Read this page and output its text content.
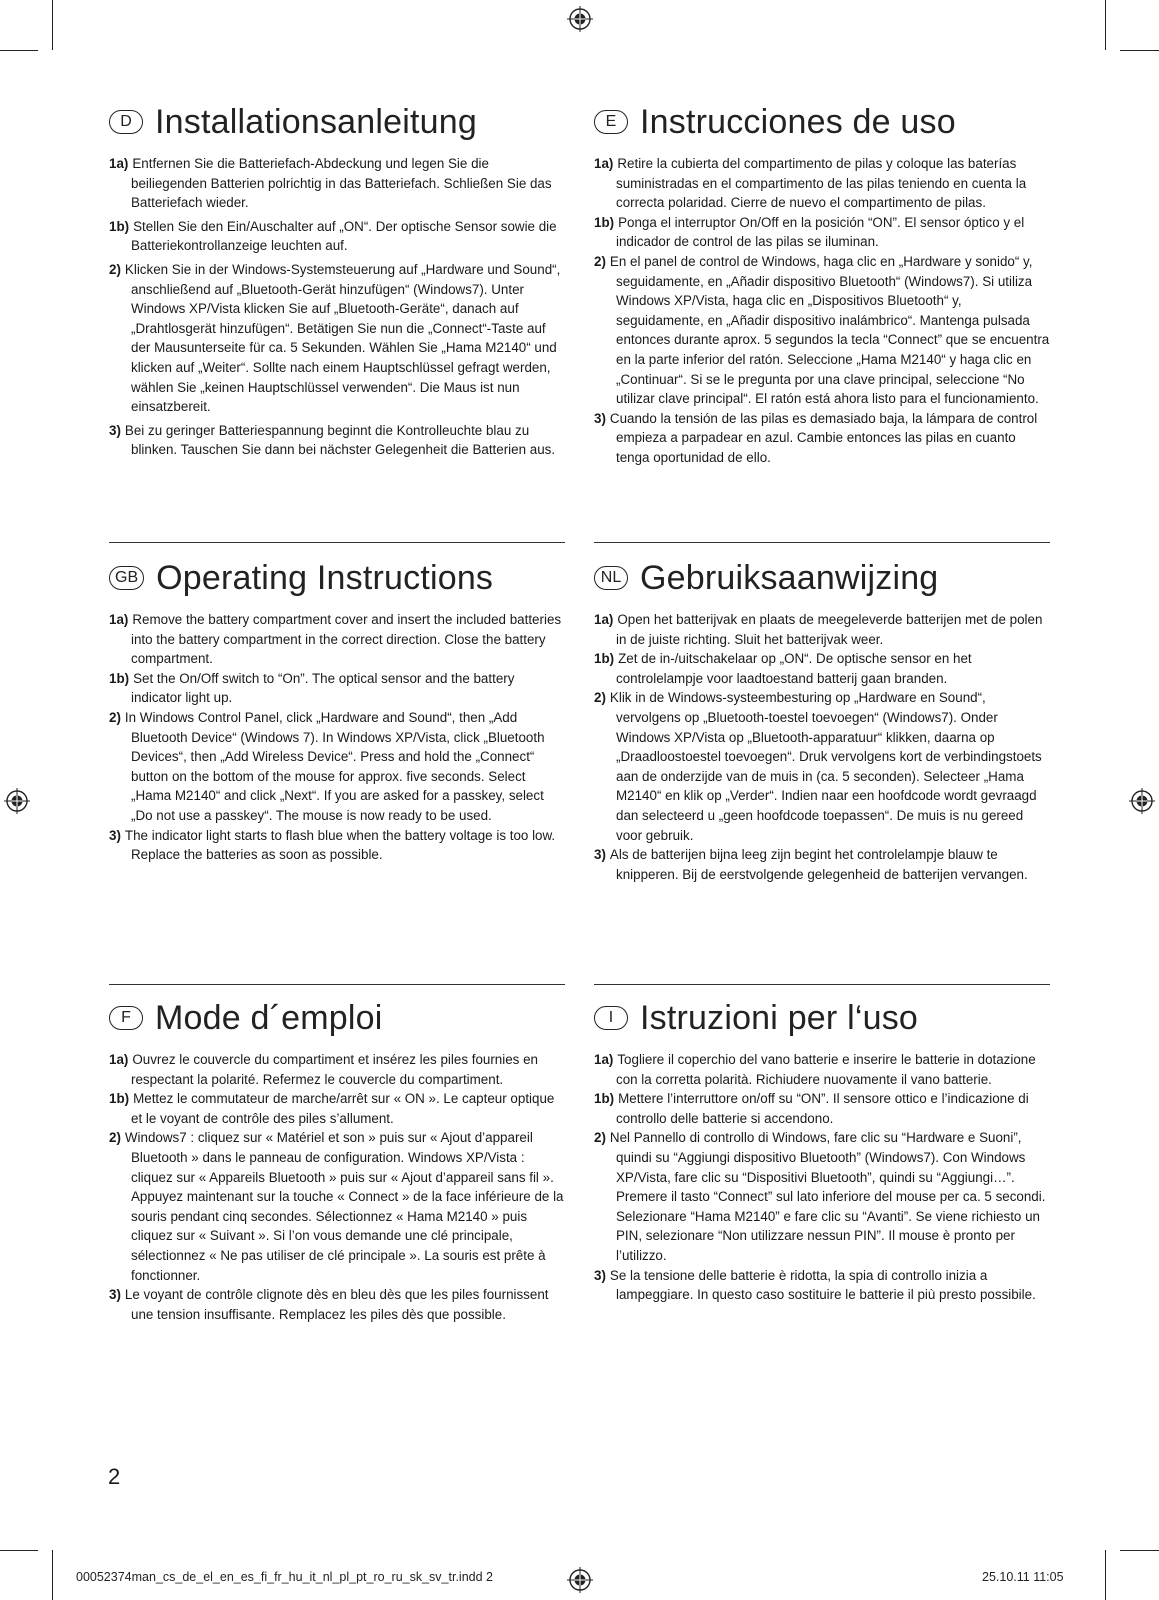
D Installationsanleitung

1a) Entfernen Sie die Batteriefach-Abdeckung und legen Sie die beiliegenden Batterien polrichtig in das Batteriefach. Schließen Sie das Batteriefach wieder.

1b) Stellen Sie den Ein/Auschalter auf „ON“. Der optische Sensor sowie die Batteriekontrollanzeige leuchten auf.

2) Klicken Sie in der Windows-Systemsteuerung auf „Hardware und Sound“, anschließend auf „Bluetooth-Gerät hinzufügen“ (Windows7). Unter Windows XP/Vista klicken Sie auf „Bluetooth-Geräte“, danach auf „Drahtlosgerät hinzufügen“. Betätigen Sie nun die „Connect“-Taste auf der Mausunterseite für ca. 5 Sekunden. Wählen Sie „Hama M2140“ und klicken auf „Weiter“. Sollte nach einem Hauptschlüssel gefragt werden, wählen Sie „keinen Hauptschlüssel verwenden“. Die Maus ist nun einsatzbereit.

3) Bei zu geringer Batteriespannung beginnt die Kontrolleuchte blau zu blinken. Tauschen Sie dann bei nächster Gelegenheit die Batterien aus.

E Instrucciones de uso

1a) Retire la cubierta del compartimento de pilas y coloque las baterías suministradas en el compartimento de las pilas teniendo en cuenta la correcta polaridad. Cierre de nuevo el compartimento de pilas.

1b) Ponga el interruptor On/Off en la posición “ON”. El sensor óptico y el indicador de control de las pilas se iluminan.

2) En el panel de control de Windows, haga clic en „Hardware y sonido“ y, seguidamente, en „Añadir dispositivo Bluetooth“ (Windows7). Si utiliza Windows XP/Vista, haga clic en „Dispositivos Bluetooth“ y, seguidamente, en „Añadir dispositivo inalámbrico“. Mantenga pulsada entonces durante aprox. 5 segundos la tecla “Connect” que se encuentra en la parte inferior del ratón. Seleccione „Hama M2140“ y haga clic en „Continuar“. Si se le pregunta por una clave principal, seleccione “No utilizar clave principal“. El ratón está ahora listo para el funcionamiento.

3) Cuando la tensión de las pilas es demasiado baja, la lámpara de control empieza a parpadear en azul. Cambie entonces las pilas en cuanto tenga oportunidad de ello.

GB Operating Instructions

1a) Remove the battery compartment cover and insert the included batteries into the battery compartment in the correct direction. Close the battery compartment.

1b) Set the On/Off switch to “On”. The optical sensor and the battery indicator light up.

2) In Windows Control Panel, click „Hardware and Sound“, then „Add Bluetooth Device“ (Windows 7). In Windows XP/Vista, click „Bluetooth Devices“, then „Add Wireless Device“. Press and hold the „Connect“ button on the bottom of the mouse for approx. five seconds. Select „Hama M2140“ and click „Next“. If you are asked for a passkey, select „Do not use a passkey“. The mouse is now ready to be used.

3) The indicator light starts to flash blue when the battery voltage is too low. Replace the batteries as soon as possible.

NL Gebruiksaanwijzing

1a) Open het batterijvak en plaats de meegeleverde batterijen met de polen in de juiste richting. Sluit het batterijvak weer.

1b) Zet de in-/uitschakelaar op „ON“. De optische sensor en het controlelampje voor laadtoestand batterij gaan branden.

2) Klik in de Windows-systeembesturing op „Hardware en Sound“, vervolgens op „Bluetooth-toestel toevoegen“ (Windows7). Onder Windows XP/Vista op „Bluetooth-apparatuur“ klikken, daarna op „Draadloostoestel toevoegen“. Druk vervolgens kort de verbindingstoets aan de onderzijde van de muis in (ca. 5 seconden). Selecteer „Hama M2140“ en klik op „Verder“. Indien naar een hoofdcode wordt gevraagd dan selecteerd u „geen hoofdcode toepassen“. De muis is nu gereed voor gebruik.

3) Als de batterijen bijna leeg zijn begint het controlelampje blauw te knipperen. Bij de eerstvolgende gelegenheid de batterijen vervangen.

F Mode d´emploi

1a) Ouvrez le couvercle du compartiment et insérez les piles fournies en respectant la polarité. Refermez le couvercle du compartiment.

1b) Mettez le commutateur de marche/arrêt sur « ON ». Le capteur optique et le voyant de contrôle des piles s’allument.

2) Windows7 : cliquez sur « Matériel et son » puis sur « Ajout d’appareil Bluetooth » dans le panneau de configuration. Windows XP/Vista : cliquez sur « Appareils Bluetooth » puis sur « Ajout d’appareil sans fil ». Appuyez maintenant sur la touche « Connect » de la face inférieure de la souris pendant cinq secondes. Sélectionnez « Hama M2140 » puis cliquez sur « Suivant ». Si l’on vous demande une clé principale, sélectionnez « Ne pas utiliser de clé principale ». La souris est prête à fonctionner.

3) Le voyant de contrôle clignote dès en bleu dès que les piles fournissent une tension insuffisante. Remplacez les piles dès que possible.

I Istruzioni per l‘uso

1a) Togliere il coperchio del vano batterie e inserire le batterie in dotazione con la corretta polarità. Richiudere nuovamente il vano batterie.

1b) Mettere l’interruttore on/off su “ON”. Il sensore ottico e l’indicazione di controllo delle batterie si accendono.

2) Nel Pannello di controllo di Windows, fare clic su “Hardware e Suoni”, quindi su “Aggiungi dispositivo Bluetooth” (Windows7). Con Windows XP/Vista, fare clic su “Dispositivi Bluetooth”, quindi su “Aggiungi…”. Premere il tasto “Connect” sul lato inferiore del mouse per ca. 5 secondi. Selezionare “Hama M2140” e fare clic su “Avanti”. Se viene richiesto un PIN, selezionare “Non utilizzare nessun PIN”. Il mouse è pronto per l’utilizzo.

3) Se la tensione delle batterie è ridotta, la spia di controllo inizia a lampeggiare. In questo caso sostituire le batterie il più presto possibile.

2
00052374man_cs_de_el_en_es_fi_fr_hu_it_nl_pl_pt_ro_ru_sk_sv_tr.indd 2	25.10.11 11:05
